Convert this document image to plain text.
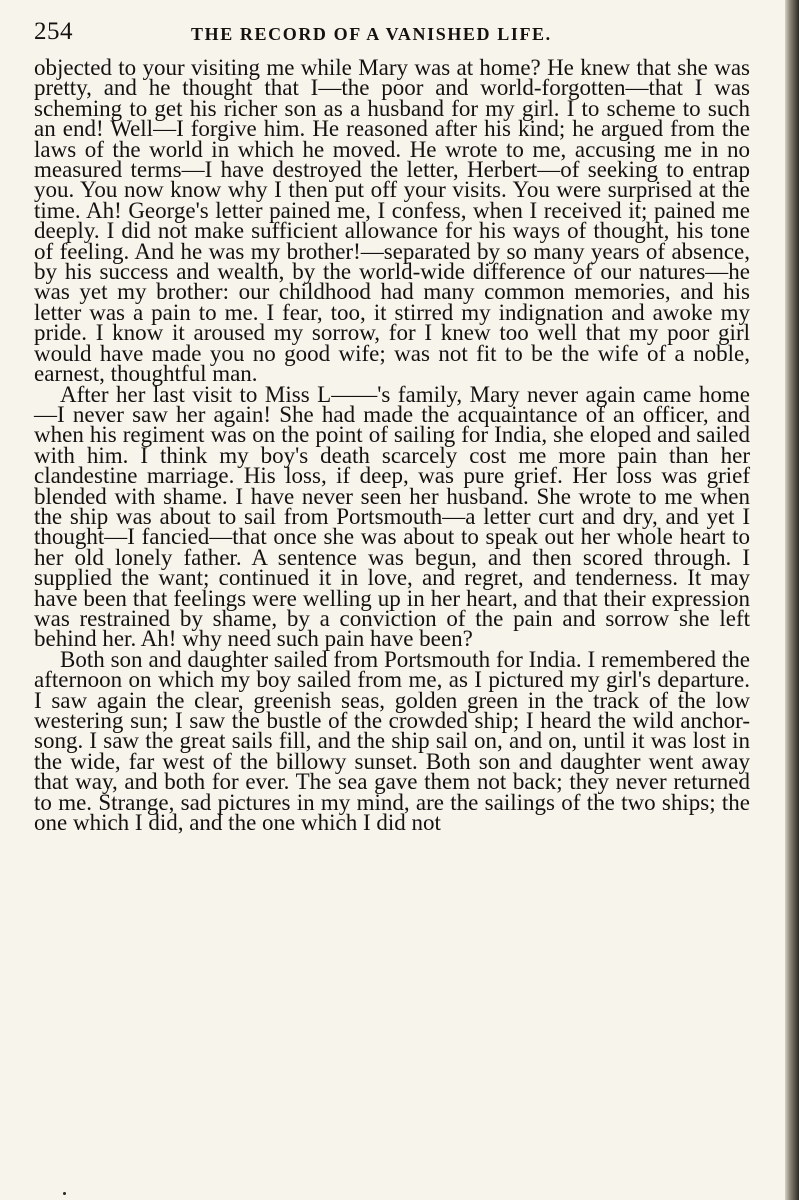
254	THE RECORD OF A VANISHED LIFE.

objected to your visiting me while Mary was at home? He knew that she was pretty, and he thought that I—the poor and world-forgotten—that I was scheming to get his richer son as a husband for my girl. I to scheme to such an end! Well—I forgive him. He reasoned after his kind; he argued from the laws of the world in which he moved. He wrote to me, accusing me in no measured terms—I have destroyed the letter, Herbert—of seeking to entrap you. You now know why I then put off your visits. You were surprised at the time. Ah! George's letter pained me, I confess, when I received it; pained me deeply. I did not make sufficient allowance for his ways of thought, his tone of feeling. And he was my brother!—separated by so many years of absence, by his success and wealth, by the world-wide difference of our natures—he was yet my brother: our childhood had many common memories, and his letter was a pain to me. I fear, too, it stirred my indignation and awoke my pride. I know it aroused my sorrow, for I knew too well that my poor girl would have made you no good wife; was not fit to be the wife of a noble, earnest, thoughtful man.

After her last visit to Miss L——'s family, Mary never again came home—I never saw her again! She had made the acquaintance of an officer, and when his regiment was on the point of sailing for India, she eloped and sailed with him. I think my boy's death scarcely cost me more pain than her clandestine marriage. His loss, if deep, was pure grief. Her loss was grief blended with shame. I have never seen her husband. She wrote to me when the ship was about to sail from Portsmouth—a letter curt and dry, and yet I thought—I fancied—that once she was about to speak out her whole heart to her old lonely father. A sentence was begun, and then scored through. I supplied the want; continued it in love, and regret, and tenderness. It may have been that feelings were welling up in her heart, and that their expression was restrained by shame, by a conviction of the pain and sorrow she left behind her. Ah! why need such pain have been?

Both son and daughter sailed from Portsmouth for India. I remembered the afternoon on which my boy sailed from me, as I pictured my girl's departure. I saw again the clear, greenish seas, golden green in the track of the low westering sun; I saw the bustle of the crowded ship; I heard the wild anchor-song. I saw the great sails fill, and the ship sail on, and on, until it was lost in the wide, far west of the billowy sunset. Both son and daughter went away that way, and both for ever. The sea gave them not back; they never returned to me. Strange, sad pictures in my mind, are the sailings of the two ships; the one which I did, and the one which I did not
